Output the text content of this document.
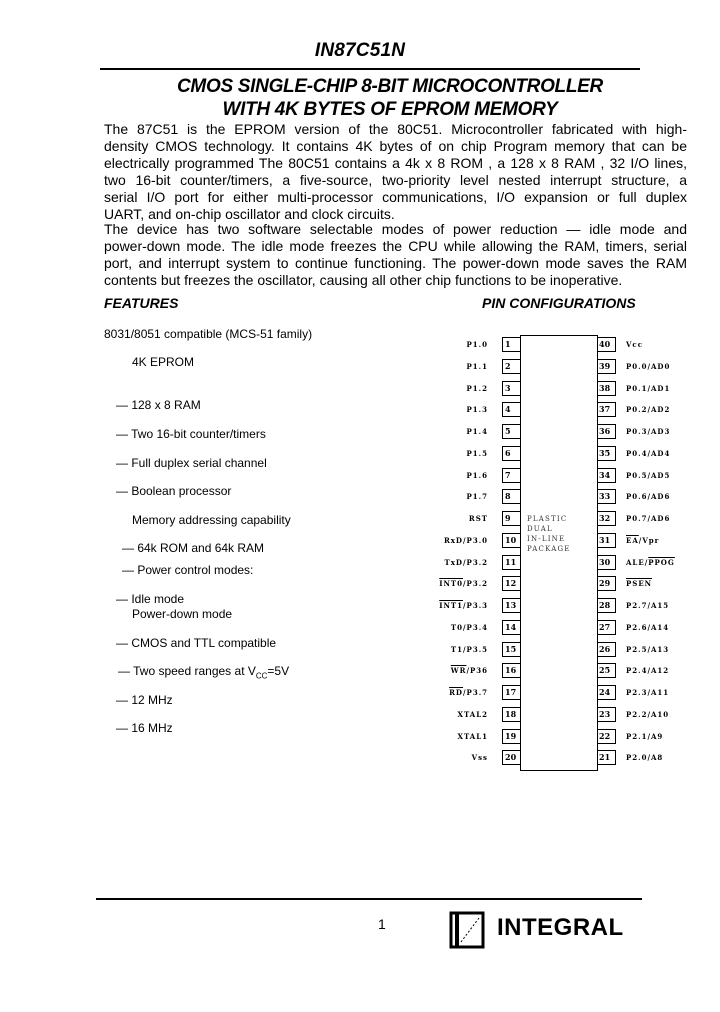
IN87C51N
CMOS SINGLE-CHIP 8-BIT MICROCONTROLLER
WITH 4K BYTES OF EPROM MEMORY

The 87C51 is the EPROM version of the 80C51. Microcontroller fabricated with high-

density CMOS technology. It contains 4K bytes of on chip Program memory that can be

electrically programmed The 80C51 contains a 4k x 8 ROM , a 128 x 8 RAM , 32 I/O lines,

two 16-bit counter/timers, a five-source, two-priority level nested interrupt structure, a

serial I/O port for either multi-processor communications, I/O expansion or full duplex

UART, and on-chip oscillator and clock circuits.

The device has two software selectable modes of power reduction — idle mode and

power-down mode. The idle mode freezes the CPU while allowing the RAM, timers, serial

port, and interrupt system to continue functioning. The power-down mode saves the RAM

contents but freezes the oscillator, causing all other chip functions to be inoperative.

FEATURES	PIN CONFIGURATIONS
8031/8051 compatible (MCS-51 family)
4K EPROM
— 128 x 8 RAM
— Two 16-bit counter/timers
— Full duplex serial channel
— Boolean processor
Memory addressing capability
— 64k ROM and 64k RAM
— Power control modes:
— Idle mode
Power-down mode
— CMOS and TTL compatible
— Two speed ranges at $V_{CC}=5V$
— 12 MHz
— 16 MHz
PLASTIC
DUAL
IN-LINE
PACKAGE
1
P1.0
2
P1.1
3
P1.2
4
P1.3
5
P1.4
6
P1.5
7
P1.6
8
P1.7
9
RST
10
RxD/P3.0
11
TxD/P3.2
12
INT0/P3.2
13
INT1/P3.3
14
T0/P3.4
15
T1/P3.5
16
$\overline{WR}/P36$
17
$\overline{RD}/P3.7$
18
XTAL2
19
XTAL1
20
Vss
40 Vcc
39 P0.0/AD0
38 P0.1/AD1
37 P0.2/AD2
36 P0.3/AD3
35 P0.4/AD4
34 P0.5/AD5
33 P0.6/AD6
32 P0.7/AD6
31 $\overline{EA}$/Vpr
30 ALE/PPOG
29 PSEN
28 P2.7/A15
27 P2.6/A14
26 P2.5/A13
25 P2.4/A12
24 P2.3/A11
23 P2.2/A10
22 P2.1/A9
21 P2.0/A8
1	INTEGRAL
